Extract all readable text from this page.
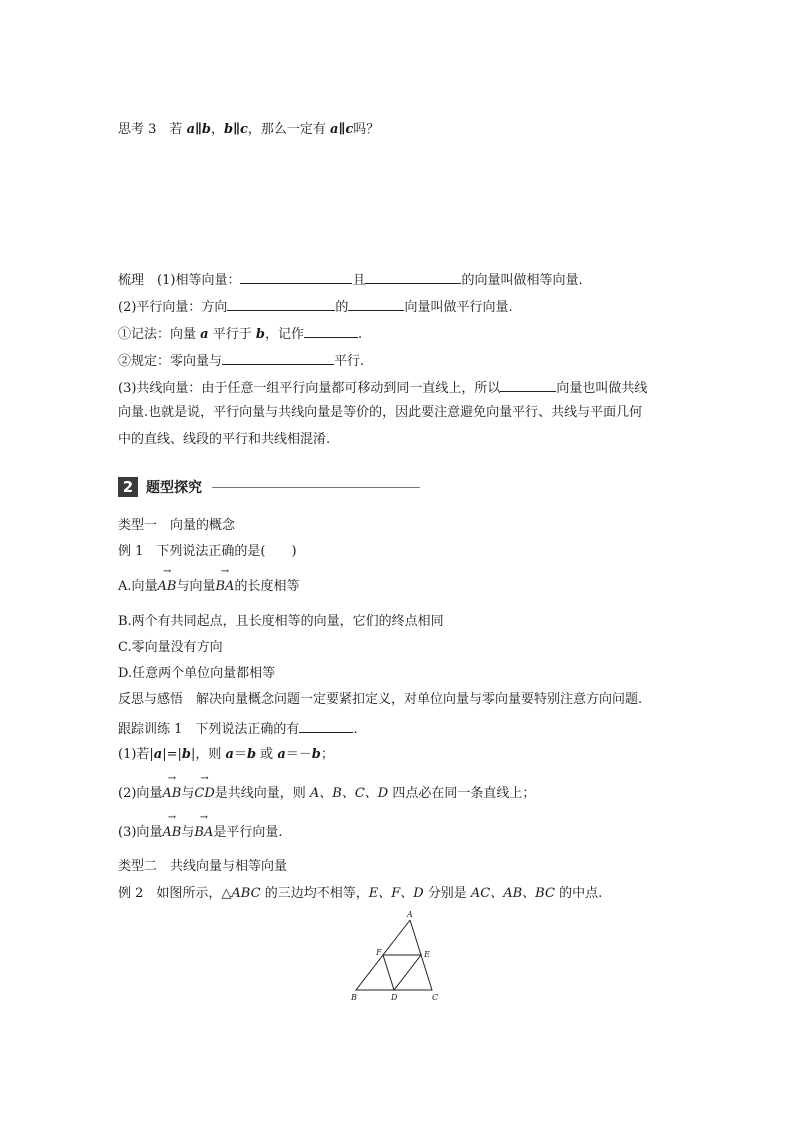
思考 3　 若 a∥b，b∥c，那么一定有 a∥c吗？
梳理　 (1)相等向量：	且	的向量叫做相等向量.
(2)平行向量：方向	的	向量叫做平行向量.
①记法：向量 a 平行于 b，记作	.
②规定：零向量与	平行.
(3)共线向量：由于任意一组平行向量都可移动到同一直线上，所以	向量也叫做共线
向量.也就是说，平行向量与共线向量是等价的，因此要注意避免向量平行、共线与平面几何
中的直线、线段的平行和共线相混淆.
2 题型探究
类型一　向量的概念
例 1　 下列说法正确的是(　　)
A.向量→ AB与向量→ BA的长度相等
B.两个有共同起点，且长度相等的向量，它们的终点相同
C.零向量没有方向
D.任意两个单位向量都相等
反思与感悟　 解决向量概念问题一定要紧扣定义，对单位向量与零向量要特别注意方向问题.
跟踪训练 1　 下列说法正确的有	.
(1)若|a|=|b|，则 a＝b 或 a＝－b；
(2)向量→ AB与→ CD是共线向量，则 A、B、C、D 四点必在同一条直线上；
(3)向量→ AB与→ BA是平行向量.
类型二　共线向量与相等向量
例 2　 如图所示，△ABC 的三边均不相等，E、F、D 分别是 AC、AB、BC 的中点.
A
B	C
D
E
F
